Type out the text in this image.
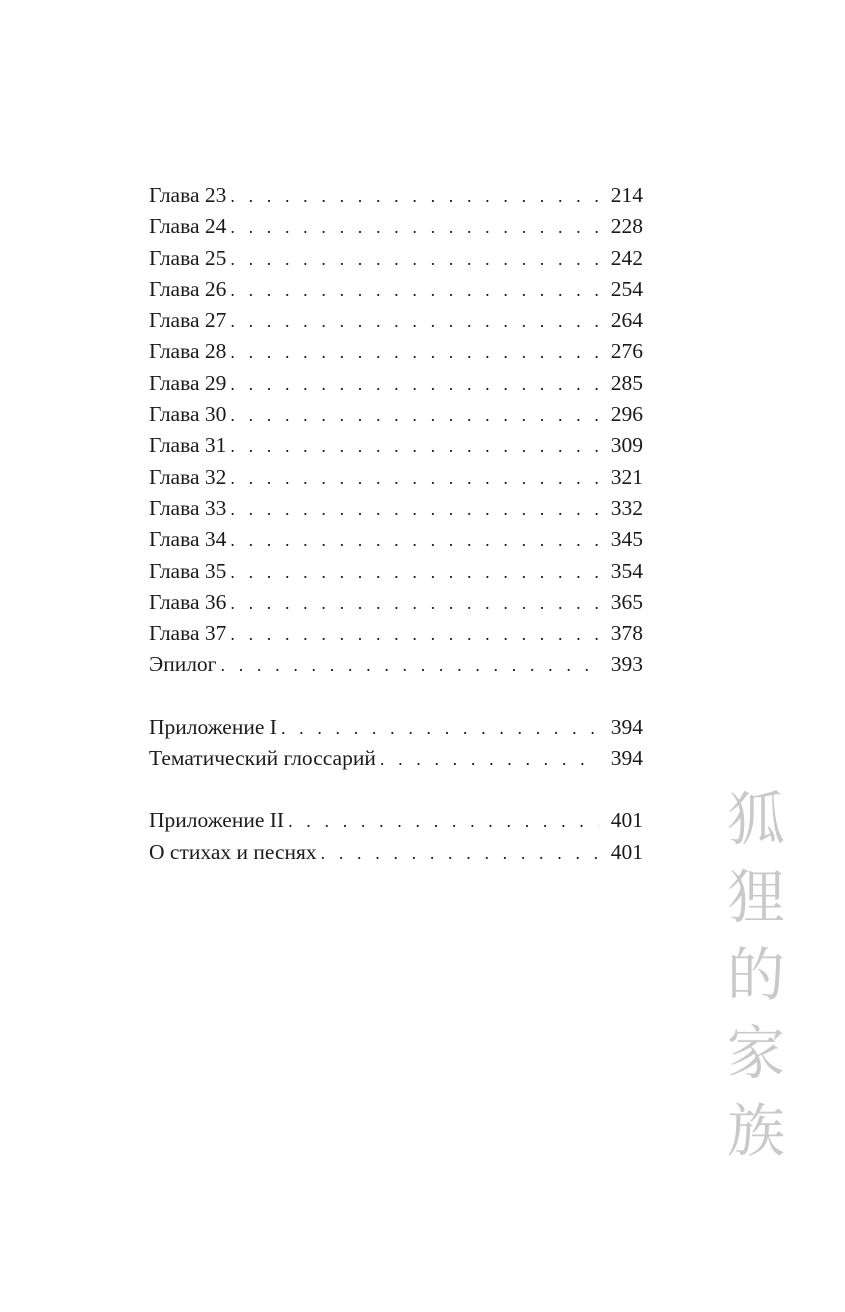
Глава 23 . . .	214
Глава 24 . . .	228
Глава 25 . . .	242
Глава 26 . . .	254
Глава 27 . . .	264
Глава 28 . . .	276
Глава 29 . . .	285
Глава 30 . . .	296
Глава 31 . . .	309
Глава 32 . . .	321
Глава 33 . . .	332
Глава 34 . . .	345
Глава 35 . . .	354
Глава 36 . . .	365
Глава 37 . . .	378
Эпилог . . .	393
Приложение I . . .	394
Тематический глоссарий . . .	394
Приложение II . . .	401
О стихах и песнях . . .	401 狐
狸
的
家
族
